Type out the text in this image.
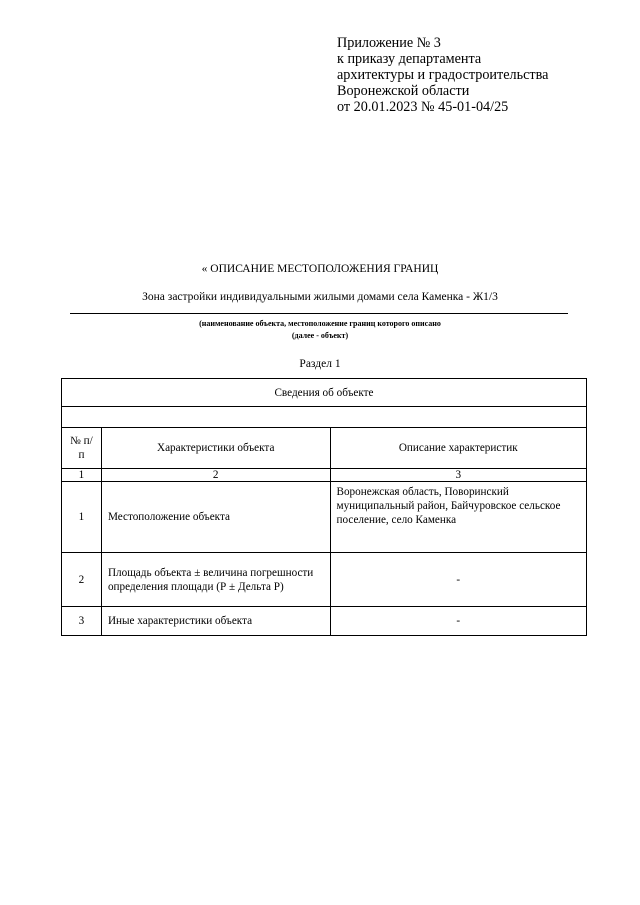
Приложение № 3
к приказу департамента
архитектуры и градостроительства
Воронежской области
от 20.01.2023 № 45-01-04/25
« ОПИСАНИЕ МЕСТОПОЛОЖЕНИЯ ГРАНИЦ
Зона застройки индивидуальными жилыми домами села Каменка - Ж1/3
(наименование объекта, местоположение границ которого описано
(далее - объект)
Раздел 1
Сведения об объекте		

№ п/п	Характеристики объекта	Описание характеристик
1	2	3
1	Местоположение объекта	Воронежская область, Поворинский муниципальный район, Байчуровское сельское поселение, село Каменка
2	Площадь объекта ± величина погрешности определения площади (Р ± Дельта Р)	-
3	Иные характеристики объекта	-
